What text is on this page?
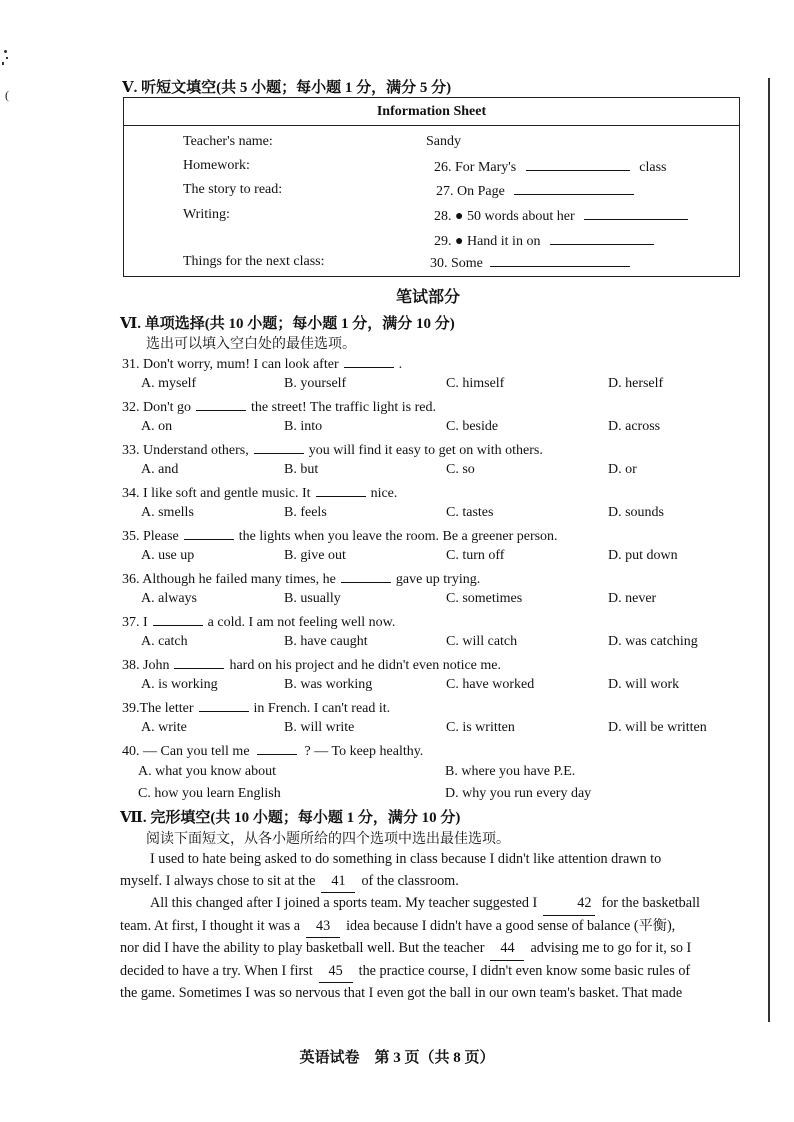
(	Ⅴ. 听短文填空(共 5 小题；每小题 1 分，满分 5 分)
Information Sheet
Teacher's name:	Sandy
Homework:	26. For Mary's	class
The story to read:	27. On Page
Writing:	28. ● 50 words about her
29. ● Hand it in on
Things for the next class:	30. Some
笔试部分
Ⅵ. 单项选择(共 10 小题；每小题 1 分，满分 10 分)
选出可以填入空白处的最佳选项。
31. Don't worry, mum! I can look after	.
A. myself	B. yourself	C. himself	D. herself
32. Don't go	the street! The traffic light is red.
A. on	B. into	C. beside	D. across
33. Understand others,	you will find it easy to get on with others.
A. and	B. but	C. so	D. or
34. I like soft and gentle music. It	nice.
A. smells	B. feels	C. tastes	D. sounds
35. Please	the lights when you leave the room. Be a greener person.
A. use up	B. give out	C. turn off	D. put down
36. Although he failed many times, he	gave up trying.
A. always	B. usually	C. sometimes	D. never
37. I	a cold. I am not feeling well now.
A. catch	B. have caught	C. will catch	D. was catching
38. John	hard on his project and he didn't even notice me.
A. is working	B. was working	C. have worked	D. will work
39.The letter	in French. I can't read it.
A. write	B. will write	C. is written	D. will be written
40. — Can you tell me	? — To keep healthy.
A. what you know about	B. where you have P.E.
C. how you learn English	D. why you run every day
Ⅶ. 完形填空(共 10 小题；每小题 1 分，满分 10 分)
阅读下面短文，从各小题所给的四个选项中选出最佳选项。
I used to hate being asked to do something in class because I didn't like attention drawn to
myself. I always chose to sit at the 41 of the classroom.
All this changed after I joined a sports team. My teacher suggested I	42 for the basketball
team. At first, I thought it was a 43 idea because I didn't have a good sense of balance (平衡),
nor did I have the ability to play basketball well. But the teacher 44 advising me to go for it, so I
decided to have a try. When I first 45 the practice course, I didn't even know some basic rules of
the game. Sometimes I was so nervous that I even got the ball in our own team's basket. That made
英语试卷　第 3 页（共 8 页）
